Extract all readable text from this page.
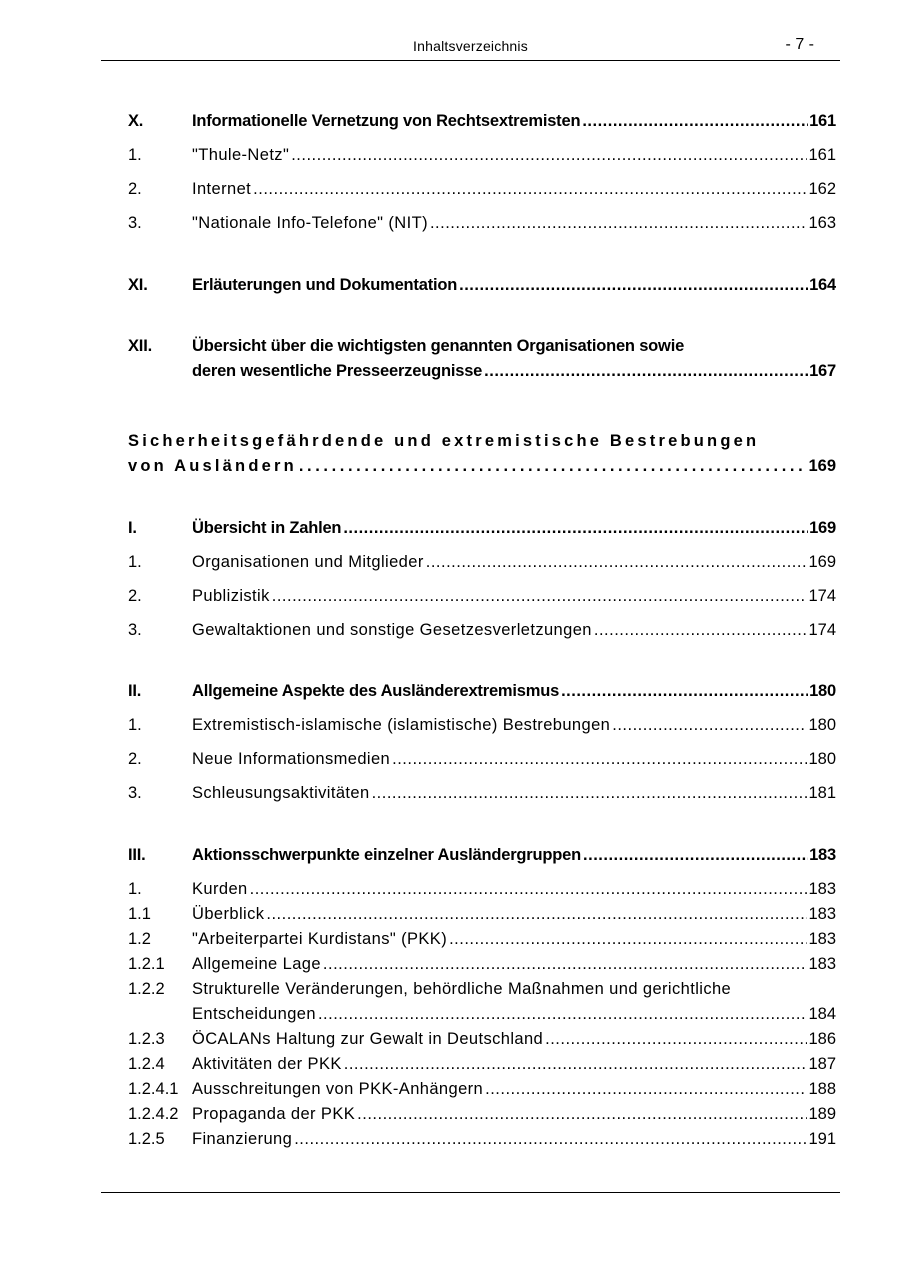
Inhaltsverzeichnis	- 7 -
X.	Informationelle Vernetzung von Rechtsextremisten .....	161
1.	"Thule-Netz" .....	161
2.	Internet .....	162
3.	"Nationale Info-Telefone" (NIT) .....	163
XI.	Erläuterungen und Dokumentation .....	164
XII. Übersicht über die wichtigsten genannten Organisationen sowie
deren wesentliche Presseerzeugnisse .....	167
Sicherheitsgefährdende und extremistische Bestrebungen
von Ausländern .....	169
I.	Übersicht in Zahlen .....	169
1.	Organisationen und Mitglieder .....	169
2.	Publizistik .....	174
3.	Gewaltaktionen und sonstige Gesetzesverletzungen .....	174
II.	Allgemeine Aspekte des Ausländerextremismus .....	180
1.	Extremistisch-islamische (islamistische) Bestrebungen .....	180
2.	Neue Informationsmedien .....	180
3.	Schleusungsaktivitäten .....	181
III.	Aktionsschwerpunkte einzelner Ausländergruppen .....	183
1.	Kurden .....	183
1.1 Überblick .....	183
1.2 "Arbeiterpartei Kurdistans" (PKK) .....	183
1.2.1 Allgemeine Lage .....	183
1.2.2 Strukturelle Veränderungen, behördliche Maßnahmen und gerichtliche
Entscheidungen .....	184
1.2.3 ÖCALANs Haltung zur Gewalt in Deutschland .....	186
1.2.4 Aktivitäten der PKK .....	187
1.2.4.1 Ausschreitungen von PKK-Anhängern .....	188
1.2.4.2 Propaganda der PKK .....	189
1.2.5 Finanzierung .....	191
